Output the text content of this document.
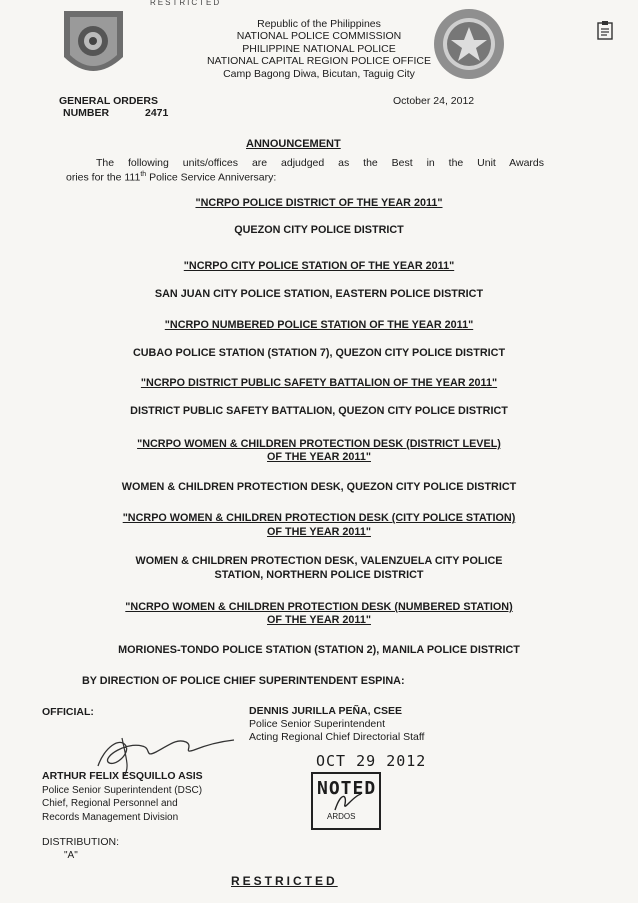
RESTRICTED
Republic of the Philippines
NATIONAL POLICE COMMISSION
PHILIPPINE NATIONAL POLICE
NATIONAL CAPITAL REGION POLICE OFFICE
Camp Bagong Diwa, Bicutan, Taguig City
GENERAL ORDERS
NUMBER	2471
October 24, 2012
ANNOUNCEMENT
The following units/offices are adjudged as the Best in the Unit Awards
ories for the 111th Police Service Anniversary:
"NCRPO POLICE DISTRICT OF THE YEAR 2011"
QUEZON CITY POLICE DISTRICT
"NCRPO CITY POLICE STATION OF THE YEAR 2011"
SAN JUAN CITY POLICE STATION, EASTERN POLICE DISTRICT
"NCRPO NUMBERED POLICE STATION OF THE YEAR 2011"
CUBAO POLICE STATION (STATION 7), QUEZON CITY POLICE DISTRICT
"NCRPO DISTRICT PUBLIC SAFETY BATTALION OF THE YEAR 2011"
DISTRICT PUBLIC SAFETY BATTALION, QUEZON CITY POLICE DISTRICT
"NCRPO WOMEN & CHILDREN PROTECTION DESK (DISTRICT LEVEL)
OF THE YEAR 2011"
WOMEN & CHILDREN PROTECTION DESK, QUEZON CITY POLICE DISTRICT
"NCRPO WOMEN & CHILDREN PROTECTION DESK (CITY POLICE STATION)
OF THE YEAR 2011"
WOMEN & CHILDREN PROTECTION DESK, VALENZUELA CITY POLICE
STATION, NORTHERN POLICE DISTRICT
"NCRPO WOMEN & CHILDREN PROTECTION DESK (NUMBERED STATION)
OF THE YEAR 2011"
MORIONES-TONDO POLICE STATION (STATION 2), MANILA POLICE DISTRICT
BY DIRECTION OF POLICE CHIEF SUPERINTENDENT ESPINA:
OFFICIAL:	DENNIS JURILLA PEÑA, CSEE
Police Senior Superintendent
Acting Regional Chief Directorial Staff
ARTHUR FELIX ESQUILLO ASIS
Police Senior Superintendent (DSC)
Chief, Regional Personnel and
Records Management Division
OCT 29 2012
NOTED
ARDOS
DISTRIBUTION:
"A"
RESTRICTED
